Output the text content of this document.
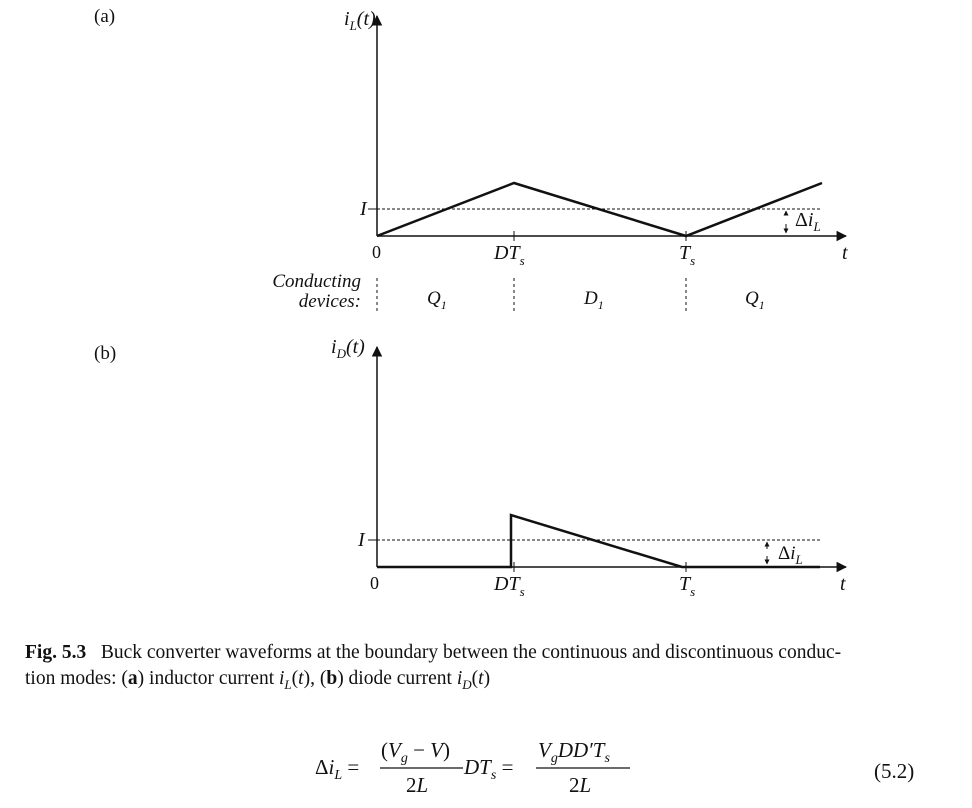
(a)
(b)
$i_L(t)$
I
0	$DT_s$	$T_s$	t
$\Delta i_L$
Conducting
devices:	$Q_1$	$D_1$	$Q_1$
$i_D(t)$
I
0	$DT_s$	$T_s$	t
$\Delta i_L$
Fig. 5.3   Buck converter waveforms at the boundary between the continuous and discontinuous conduc-
tion modes: (a) inductor current $i_L(t)$, (b) diode current $i_D(t)$
$\Delta i_L$ =
$(V_g - V)$
2L
$DT_s$ =
$V_gDD'T_s$
2L
(5.2)
